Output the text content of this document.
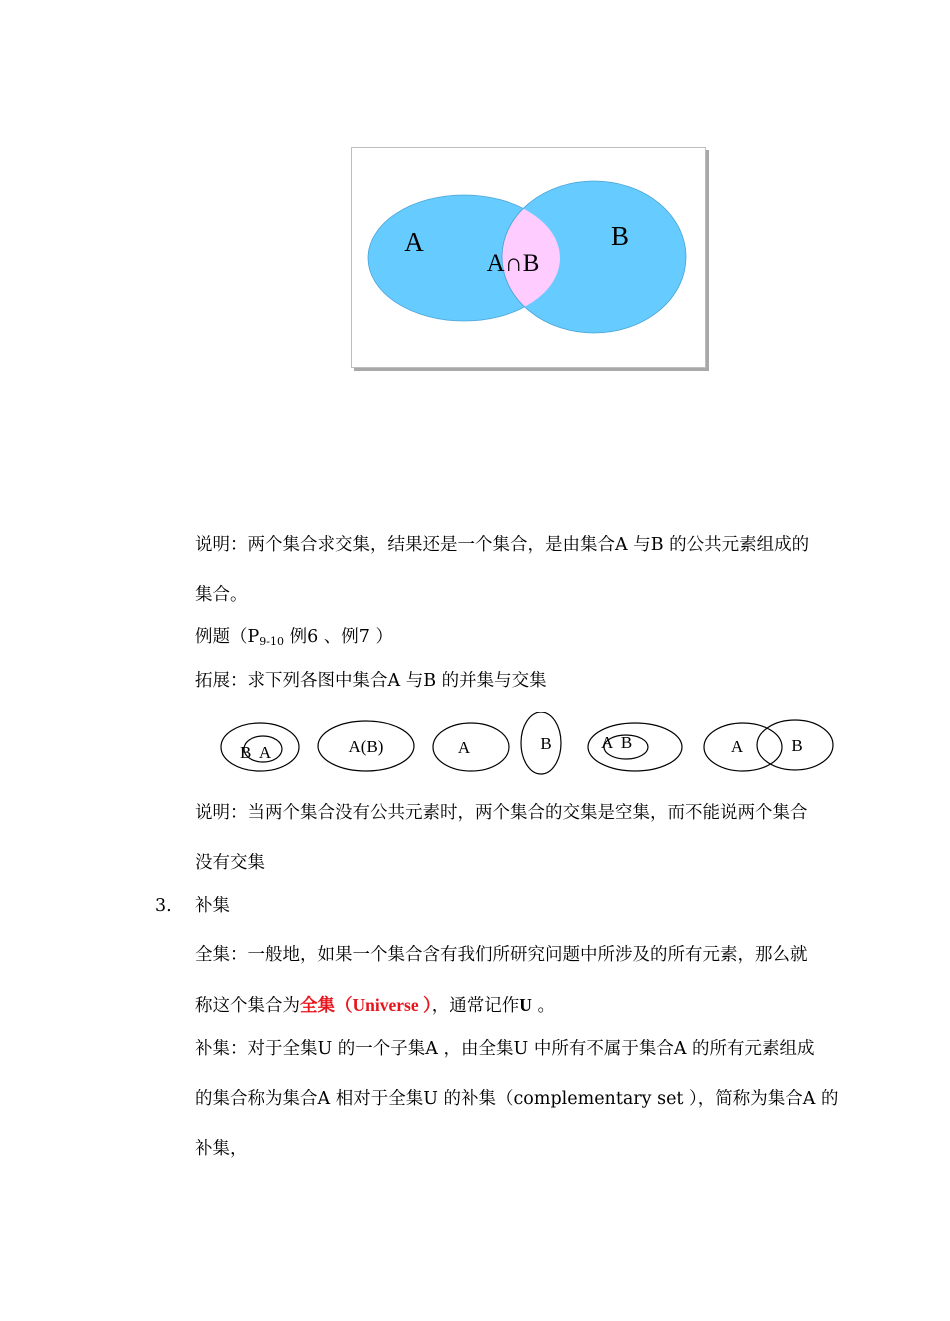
A	B
A∩B
说明：两个集合求交集，结果还是一个集合，是由集合A 与B 的公共元素组成的
集合。
例题（$P_{9-10}$ 例6 、例7 ）
拓展：求下列各图中集合A 与B 的并集与交集
B  A	A(B)	A	B	A  B	A	B
说明：当两个集合没有公共元素时，两个集合的交集是空集，而不能说两个集合
没有交集
3. 补集
全集：一般地，如果一个集合含有我们所研究问题中所涉及的所有元素，那么就
称这个集合为全集（Universe ），通常记作U 。
补集：对于全集U 的一个子集A ，由全集U 中所有不属于集合A 的所有元素组成
的集合称为集合A 相对于全集U 的补集（complementary set ），简称为集合A 的
补集，
